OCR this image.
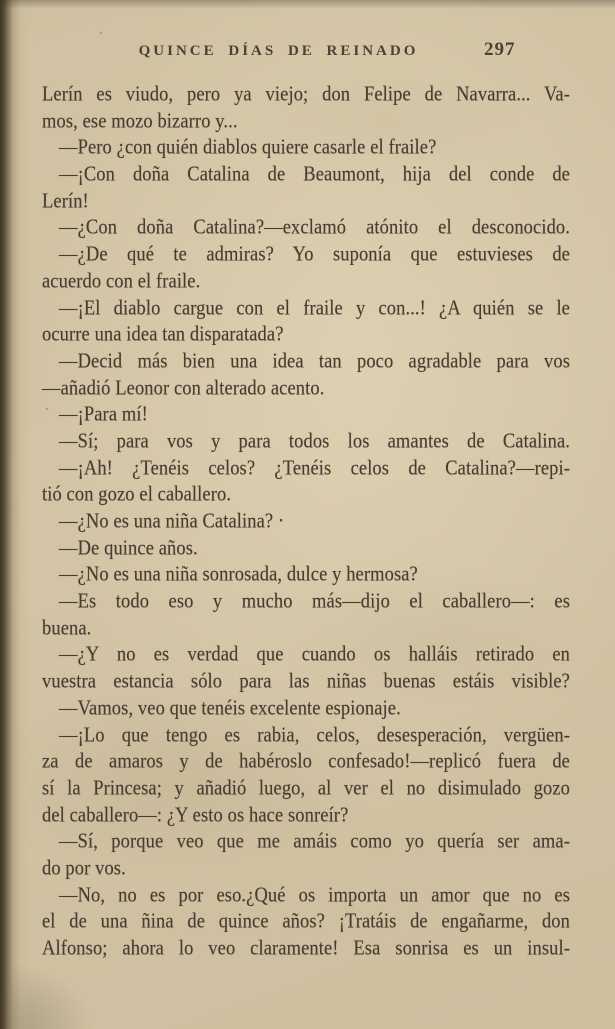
QUINCE DÍAS DE REINADO	297
Lerín es viudo, pero ya viejo; don Felipe de Navarra... Va-
mos, ese mozo bizarro y...
—Pero ¿con quién diablos quiere casarle el fraile?
—¡Con doña Catalina de Beaumont, hija del conde de
Lerín!
—¿Con doña Catalina?—exclamó atónito el desconocido.
—¿De qué te admiras? Yo suponía que estuvieses de
acuerdo con el fraile.
—¡El diablo cargue con el fraile y con...! ¿A quién se le
ocurre una idea tan disparatada?
—Decid más bien una idea tan poco agradable para vos
—añadió Leonor con alterado acento.
—¡Para mí!
—Sí; para vos y para todos los amantes de Catalina.
—¡Ah! ¿Tenéis celos? ¿Tenéis celos de Catalina?—repi-
tió con gozo el caballero.
—¿No es una niña Catalina? ·
—De quince años.
—¿No es una niña sonrosada, dulce y hermosa?
—Es todo eso y mucho más—dijo el caballero—: es
buena.
—¿Y no es verdad que cuando os halláis retirado en
vuestra estancia sólo para las niñas buenas estáis visible?
—Vamos, veo que tenéis excelente espionaje.
—¡Lo que tengo es rabia, celos, desesperación, vergüen-
za de amaros y de habéroslo confesado!—replicó fuera de
sí la Princesa; y añadió luego, al ver el no disimulado gozo
del caballero—: ¿Y esto os hace sonreír?
—Sí, porque veo que me amáis como yo quería ser ama-
do por vos.
—No, no es por eso.¿Qué os importa un amor que no es
el de una ñina de quince años? ¡Tratáis de engañarme, don
Alfonso; ahora lo veo claramente! Esa sonrisa es un insul-
